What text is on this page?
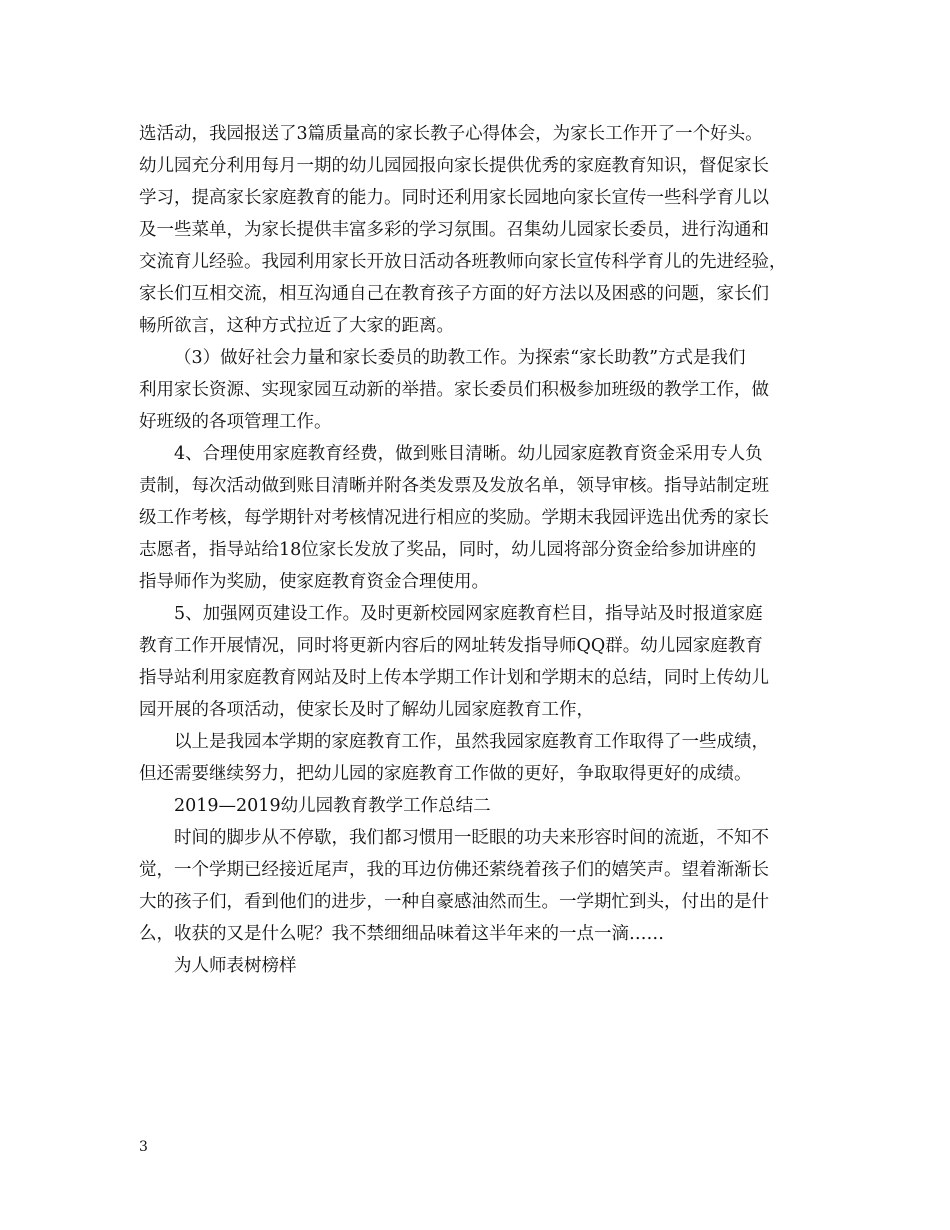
选活动，我园报送了3篇质量高的家长教子心得体会，为家长工作开了一个好头。
幼儿园充分利用每月一期的幼儿园园报向家长提供优秀的家庭教育知识，督促家长
学习，提高家长家庭教育的能力。同时还利用家长园地向家长宣传一些科学育儿以
及一些菜单，为家长提供丰富多彩的学习氛围。召集幼儿园家长委员，进行沟通和
交流育儿经验。我园利用家长开放日活动各班教师向家长宣传科学育儿的先进经验，
家长们互相交流，相互沟通自己在教育孩子方面的好方法以及困惑的问题，家长们
畅所欲言，这种方式拉近了大家的距离。
（3）做好社会力量和家长委员的助教工作。为探索“家长助教”方式是我们
利用家长资源、实现家园互动新的举措。家长委员们积极参加班级的教学工作，做
好班级的各项管理工作。
4、合理使用家庭教育经费，做到账目清晰。幼儿园家庭教育资金采用专人负
责制，每次活动做到账目清晰并附各类发票及发放名单，领导审核。指导站制定班
级工作考核，每学期针对考核情况进行相应的奖励。学期末我园评选出优秀的家长
志愿者，指导站给18位家长发放了奖品，同时，幼儿园将部分资金给参加讲座的
指导师作为奖励，使家庭教育资金合理使用。
5、加强网页建设工作。及时更新校园网家庭教育栏目，指导站及时报道家庭
教育工作开展情况，同时将更新内容后的网址转发指导师QQ群。幼儿园家庭教育
指导站利用家庭教育网站及时上传本学期工作计划和学期末的总结，同时上传幼儿
园开展的各项活动，使家长及时了解幼儿园家庭教育工作，
以上是我园本学期的家庭教育工作，虽然我园家庭教育工作取得了一些成绩，
但还需要继续努力，把幼儿园的家庭教育工作做的更好，争取取得更好的成绩。
2019—2019幼儿园教育教学工作总结二
时间的脚步从不停歇，我们都习惯用一眨眼的功夫来形容时间的流逝，不知不
觉，一个学期已经接近尾声，我的耳边仿佛还萦绕着孩子们的嬉笑声。望着渐渐长
大的孩子们，看到他们的进步，一种自豪感油然而生。一学期忙到头，付出的是什
么，收获的又是什么呢？我不禁细细品味着这半年来的一点一滴……
为人师表树榜样
3
